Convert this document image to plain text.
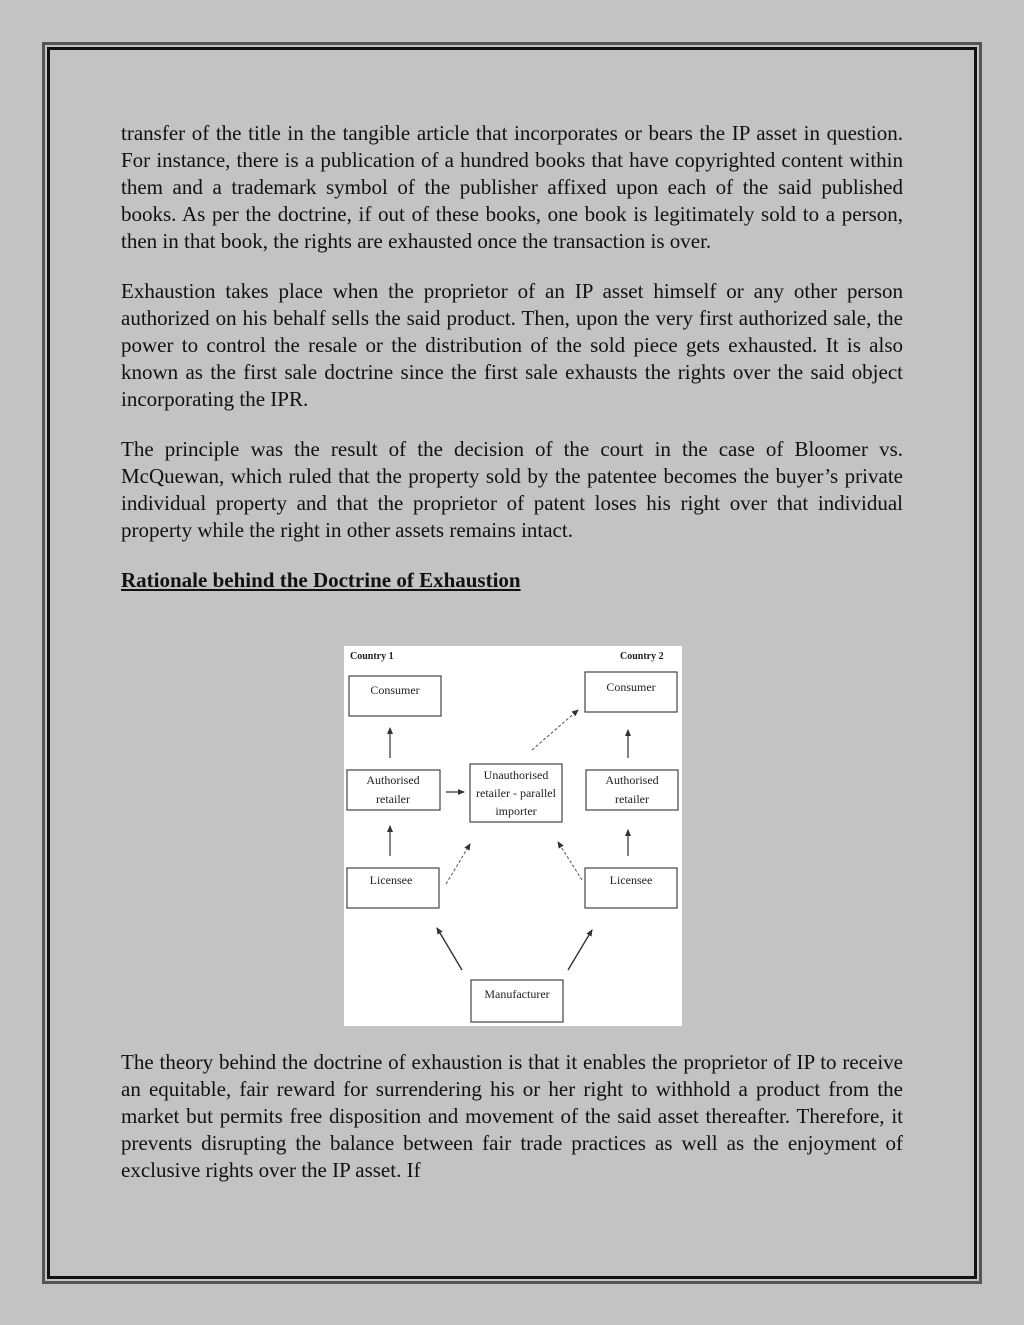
transfer of the title in the tangible article that incorporates or bears the IP asset in question. For instance, there is a publication of a hundred books that have copyrighted content within them and a trademark symbol of the publisher affixed upon each of the said published books. As per the doctrine, if out of these books, one book is legitimately sold to a person, then in that book, the rights are exhausted once the transaction is over.

Exhaustion takes place when the proprietor of an IP asset himself or any other person authorized on his behalf sells the said product. Then, upon the very first authorized sale, the power to control the resale or the distribution of the sold piece gets exhausted. It is also known as the first sale doctrine since the first sale exhausts the rights over the said object incorporating the IPR.

The principle was the result of the decision of the court in the case of Bloomer vs. McQuewan, which ruled that the property sold by the patentee becomes the buyer’s private individual property and that the proprietor of patent loses his right over that individual property while the right in other assets remains intact.

Rationale behind the Doctrine of Exhaustion
Country 1	Country 2
Consumer	Consumer
Authorised
retailer
Authorised
retailer
Unauthorised
retailer - parallel
importer
Licensee	Licensee
Manufacturer

The theory behind the doctrine of exhaustion is that it enables the proprietor of IP to receive an equitable, fair reward for surrendering his or her right to withhold a product from the market but permits free disposition and movement of the said asset thereafter. Therefore, it prevents disrupting the balance between fair trade practices as well as the enjoyment of exclusive rights over the IP asset. If
